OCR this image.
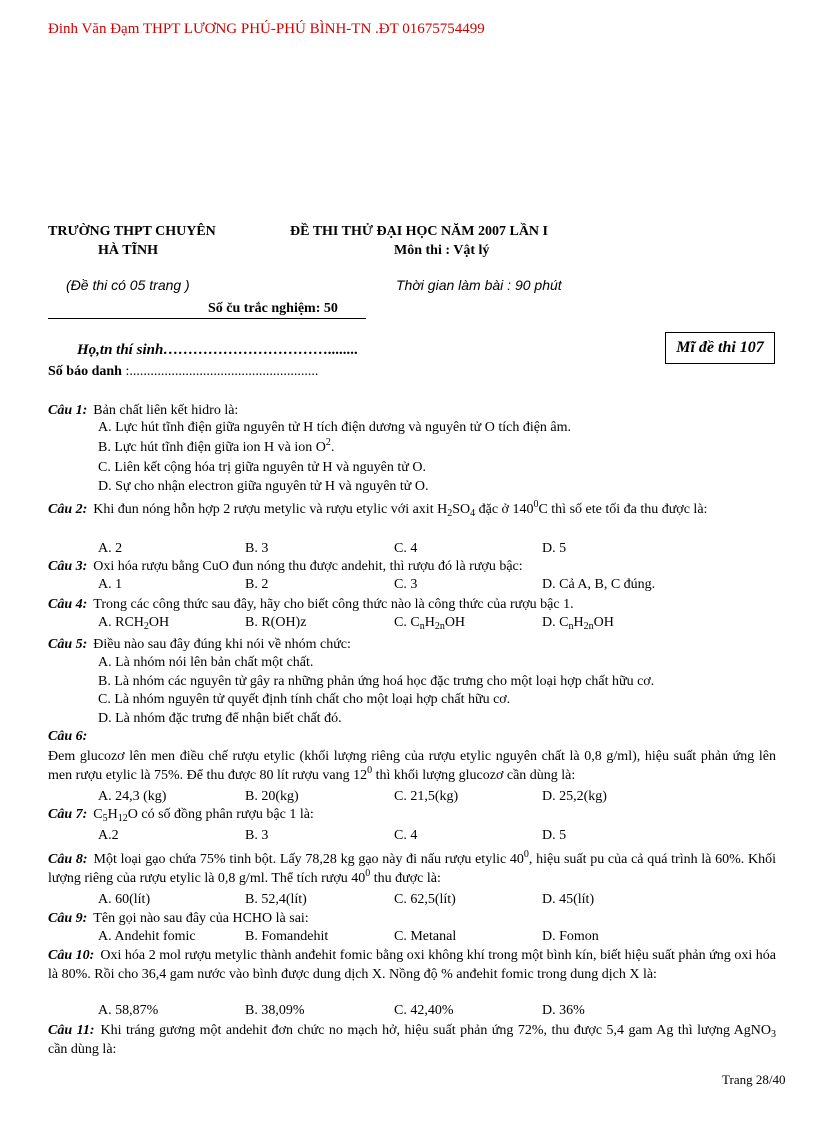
Đinh Văn Đạm THPT LƯƠNG PHÚ-PHÚ BÌNH-TN .ĐT 01675754499
TRƯỜNG THPT CHUYÊN
HÀ TĨNH
ĐỀ THI THỬ ĐẠI HỌC NĂM 2007 LẦN I
Môn thi : Vật lý
(Đề thi có 05 trang )	Thời gian làm bài : 90 phút
Số ču trắc nghiệm: 50
Họ,tn thí sinh……………………………........	Mĩ đề thi 107
Số báo danh :......................................................
Câu 1: Bản chất liên kết hidro là:
A. Lực hút tĩnh điện giữa nguyên tử H tích điện dương và nguyên tử O tích điện âm.
B. Lực hút tĩnh điện giữa ion H và ion $O^2$.
C. Liên kết cộng hóa trị giữa nguyên tử H và nguyên tử O.
D. Sự cho nhận electron giữa nguyên tử H và nguyên tử O.
Câu 2: Khi đun nóng hỗn hợp 2 rượu metylic và rượu etylic với axit $H_2SO_4$ đặc ở $140^0C$ thì số ete tối đa thu được là:
A. 2	B. 3	C. 4	D. 5
Câu 3: Oxi hóa rượu bằng CuO đun nóng thu được andehit, thì rượu đó là rượu bậc:
A. 1	B. 2	C. 3	D. Cả A, B, C đúng.
Câu 4: Trong các công thức sau đây, hãy cho biết công thức nào là công thức của rượu bậc 1.
A. $RCH_2OH$	B. R(OH)z	C. $C_nH_{2n}OH$	D. $C_nH_{2n}OH$
Câu 5: Điều nào sau đây đúng khi nói về nhóm chức:
A. Là nhóm nói lên bản chất một chất.
B. Là nhóm các nguyên tử gây ra những phản ứng hoá học đặc trưng cho một loại hợp chất hữu cơ.
C. Là nhóm nguyên tử quyết định tính chất cho một loại hợp chất hữu cơ.
D. Là nhóm đặc trưng để nhận biết chất đó.
Câu 6:
Đem glucozơ lên men điều chế rượu etylic (khối lượng riêng của rượu etylic nguyên chất là 0,8 g/ml), hiệu suất phản ứng lên men rượu etylic là 75%. Để thu được 80 lít rượu vang $12^0$ thì khối lượng glucozơ cần dùng là:
A. 24,3 (kg)	B. 20(kg)	C. 21,5(kg)	D. 25,2(kg)
Câu 7: $C_5H_{12}O$ có số đồng phân rượu bậc 1 là:
A.2	B. 3	C. 4	D. 5
Câu 8: Một loại gạo chứa 75% tinh bột. Lấy 78,28 kg gạo này đi nấu rượu etylic $40^0$, hiệu suất pu của cả quá trình là 60%. Khối lượng riêng của rượu etylic là 0,8 g/ml. Thể tích rượu $40^0$ thu được là:
A. 60(lít)	B. 52,4(lít)	C. 62,5(lít)	D. 45(lít)
Câu 9: Tên gọi nào sau đây của HCHO là sai:
A. Andehit fomic	B. Fomandehit	C. Metanal	D. Fomon
Câu 10: Oxi hóa 2 mol rượu metylic thành anđehit fomic bằng oxi không khí trong một bình kín, biết hiệu suất phản ứng oxi hóa là 80%. Rồi cho 36,4 gam nước vào bình được dung dịch X. Nồng độ % anđehit fomic trong dung dịch X là:
A. 58,87%	B. 38,09%	C. 42,40%	D. 36%
Câu 11: Khi tráng gương một andehit đơn chức no mạch hở, hiệu suất phản ứng 72%, thu được 5,4 gam Ag thì lượng AgNO$_3$ cần dùng là:
Trang 28/40
